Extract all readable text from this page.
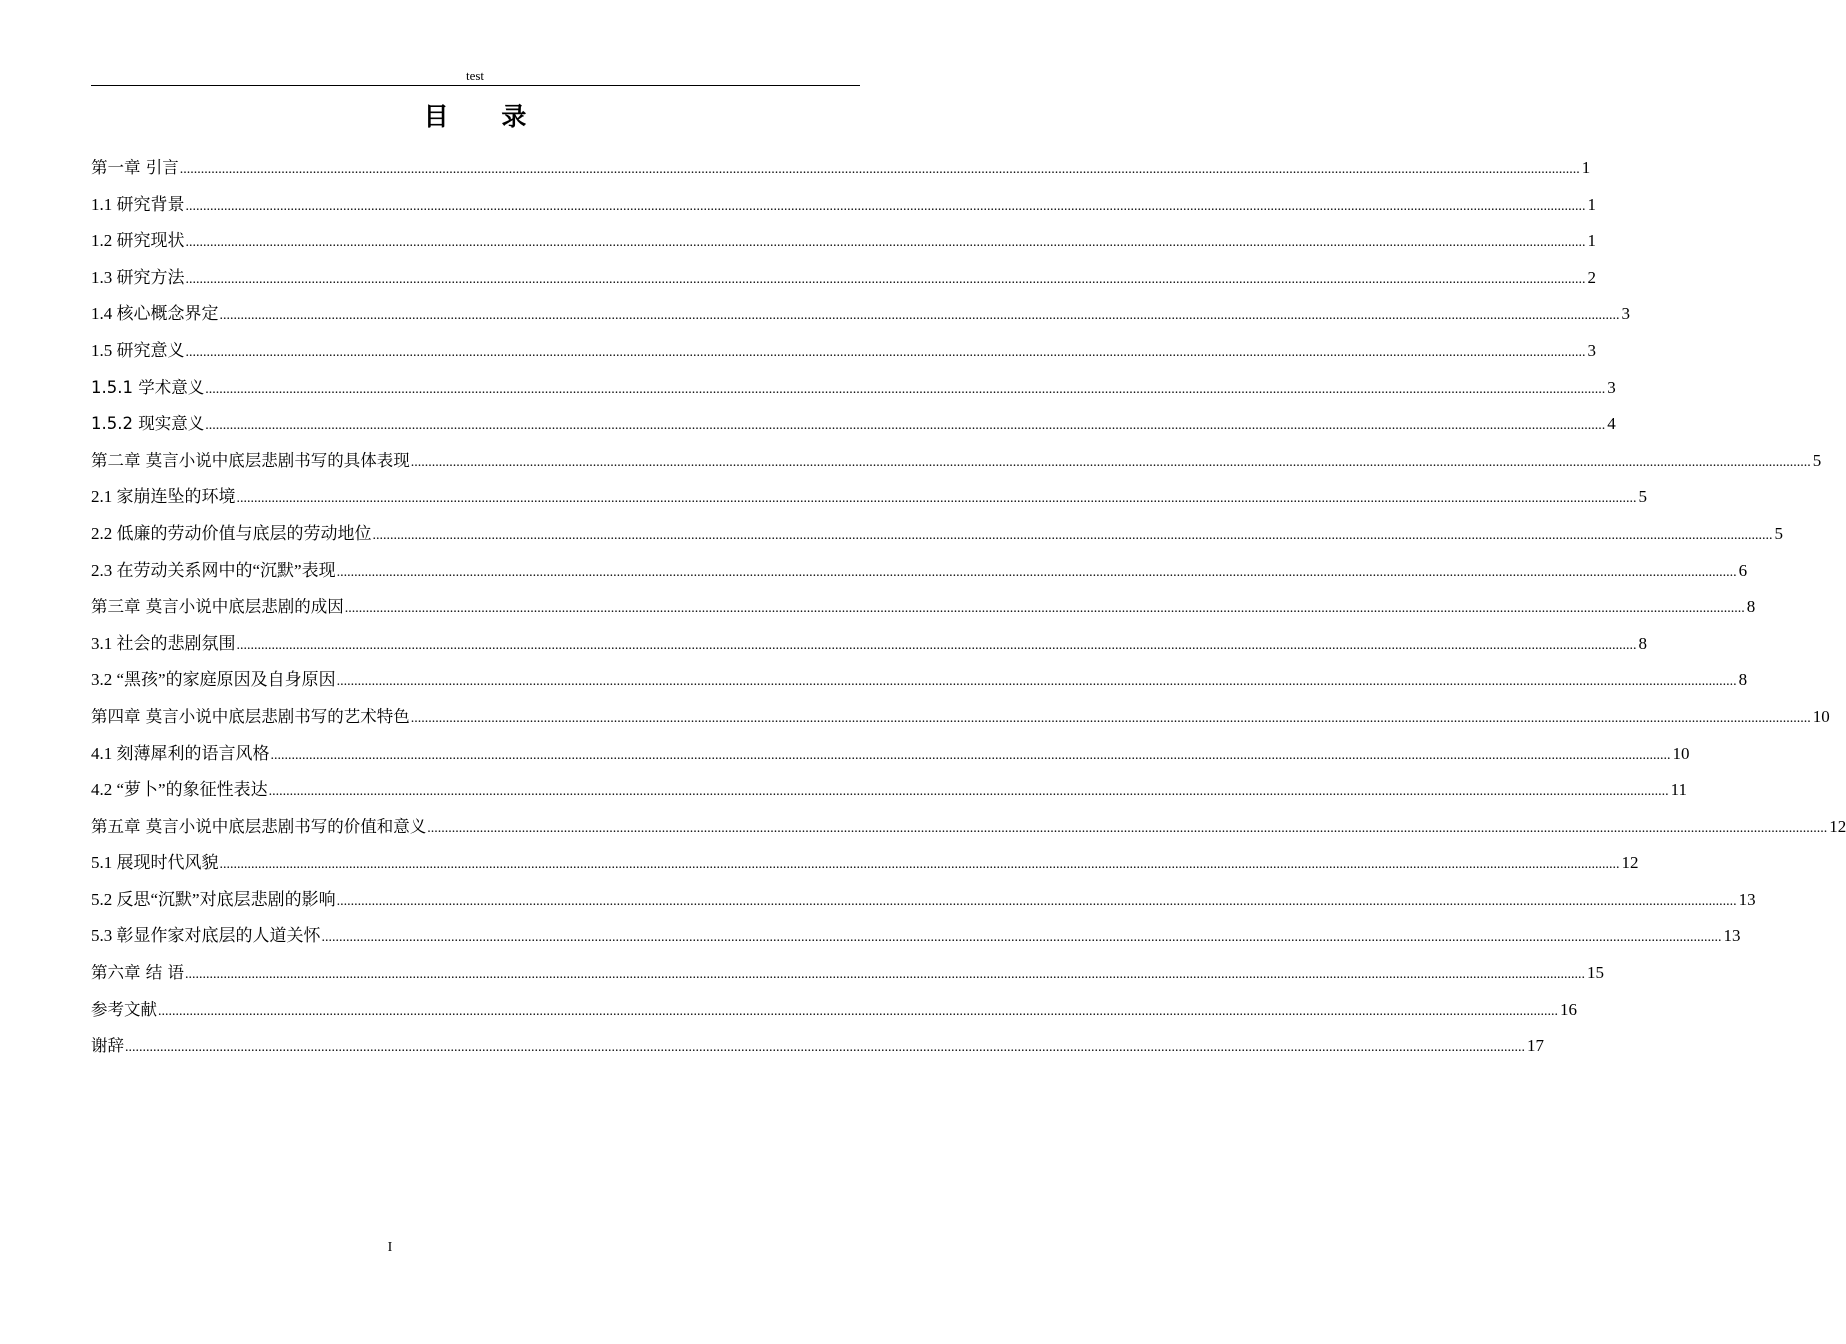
test
目 录
第一章 引言 ................................................................................................................................................................................................................................................................................................................................................................................................................ 1
1.1 研究背景 ................................................................................................................................................................................................................................................................................................................................................................................................................ 1
1.2 研究现状 ................................................................................................................................................................................................................................................................................................................................................................................................................ 1
1.3 研究方法 ................................................................................................................................................................................................................................................................................................................................................................................................................ 2
1.4 核心概念界定 ................................................................................................................................................................................................................................................................................................................................................................................................................ 3
1.5 研究意义 ................................................................................................................................................................................................................................................................................................................................................................................................................ 3
1.5.1 学术意义 ................................................................................................................................................................................................................................................................................................................................................................................................................ 3
1.5.2 现实意义 ................................................................................................................................................................................................................................................................................................................................................................................................................ 4
第二章 莫言小说中底层悲剧书写的具体表现 ................................................................................................................................................................................................................................................................................................................................................................................................................ 5
2.1 家崩连坠的环境 ................................................................................................................................................................................................................................................................................................................................................................................................................ 5
2.2 低廉的劳动价值与底层的劳动地位 ................................................................................................................................................................................................................................................................................................................................................................................................................ 5
2.3 在劳动关系网中的“沉默”表现 ................................................................................................................................................................................................................................................................................................................................................................................................................ 6
第三章 莫言小说中底层悲剧的成因 ................................................................................................................................................................................................................................................................................................................................................................................................................ 8
3.1 社会的悲剧氛围 ................................................................................................................................................................................................................................................................................................................................................................................................................ 8
3.2 “黑孩”的家庭原因及自身原因 ................................................................................................................................................................................................................................................................................................................................................................................................................ 8
第四章 莫言小说中底层悲剧书写的艺术特色 ................................................................................................................................................................................................................................................................................................................................................................................................................ 10
4.1 刻薄犀利的语言风格 ................................................................................................................................................................................................................................................................................................................................................................................................................ 10
4.2 “萝卜”的象征性表达 ................................................................................................................................................................................................................................................................................................................................................................................................................ 11
第五章 莫言小说中底层悲剧书写的价值和意义 ................................................................................................................................................................................................................................................................................................................................................................................................................ 12
5.1 展现时代风貌 ................................................................................................................................................................................................................................................................................................................................................................................................................ 12
5.2 反思“沉默”对底层悲剧的影响 ................................................................................................................................................................................................................................................................................................................................................................................................................ 13
5.3 彰显作家对底层的人道关怀 ................................................................................................................................................................................................................................................................................................................................................................................................................ 13
第六章 结 语 ................................................................................................................................................................................................................................................................................................................................................................................................................ 15
参考文献 ................................................................................................................................................................................................................................................................................................................................................................................................................ 16
谢辞 ................................................................................................................................................................................................................................................................................................................................................................................................................ 17
I
